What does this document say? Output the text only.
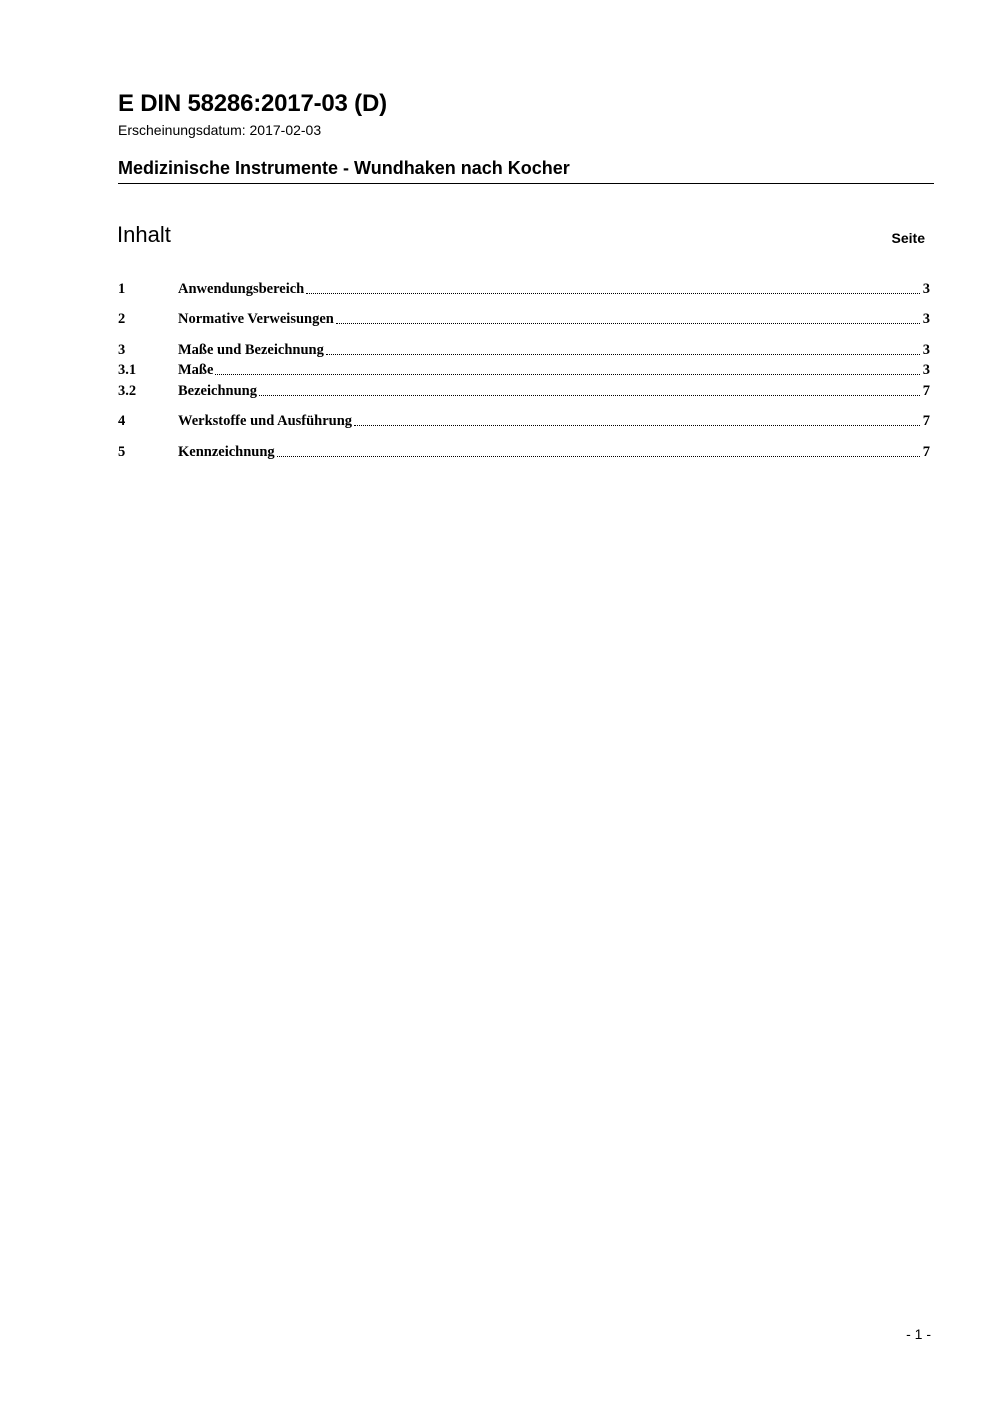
E DIN 58286:2017-03 (D)
Erscheinungsdatum: 2017-02-03
Medizinische Instrumente - Wundhaken nach Kocher
Inhalt	Seite
1	Anwendungsbereich	3
2	Normative Verweisungen	3
3	Maße und Bezeichnung	3
3.1	Maße	3
3.2	Bezeichnung	7
4	Werkstoffe und Ausführung	7
5	Kennzeichnung	7
- 1 -
